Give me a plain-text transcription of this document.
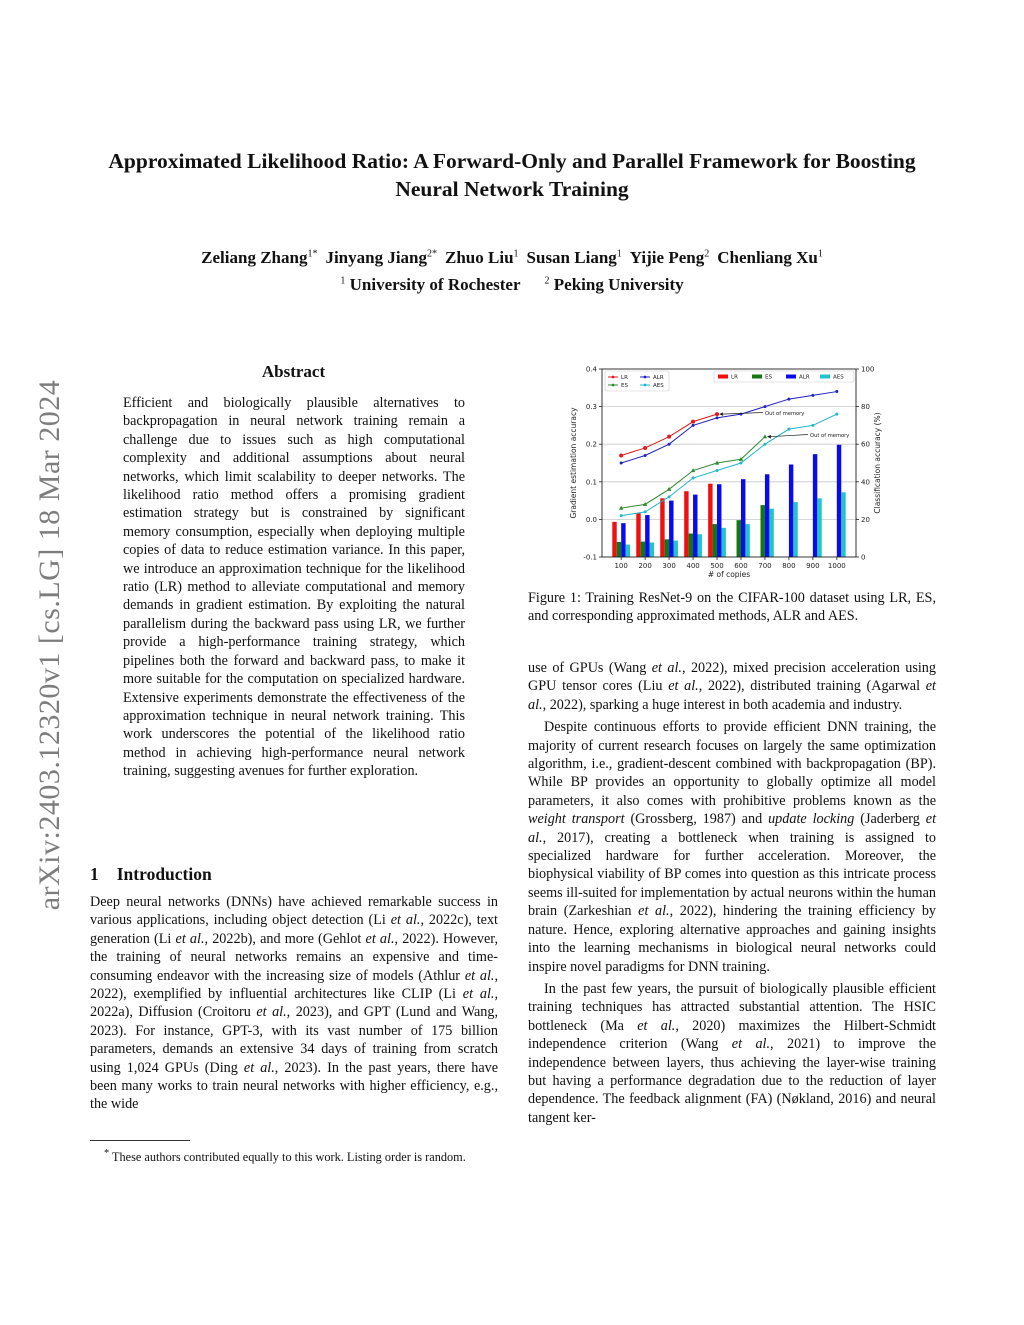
arXiv:2403.12320v1 [cs.LG] 18 Mar 2024
Approximated Likelihood Ratio: A Forward-Only and Parallel Framework for Boosting Neural Network Training
Zeliang Zhang$^{1*}$ Jinyang Jiang$^{2*}$ Zhuo Liu$^1$ Susan Liang$^1$ Yijie Peng$^2$ Chenliang Xu$^1$
$^1$ University of Rochester $^2$ Peking University
Abstract
Efficient and biologically plausible alternatives to backpropagation in neural network training remain a challenge due to issues such as high computational complexity and additional assumptions about neural networks, which limit scalability to deeper networks. The likelihood ratio method offers a promising gradient estimation strategy but is constrained by significant memory consumption, especially when deploying multiple copies of data to reduce estimation variance. In this paper, we introduce an approximation technique for the likelihood ratio (LR) method to alleviate computational and memory demands in gradient estimation. By exploiting the natural parallelism during the backward pass using LR, we further provide a high-performance training strategy, which pipelines both the forward and backward pass, to make it more suitable for the computation on specialized hardware. Extensive experiments demonstrate the effectiveness of the approximation technique in neural network training. This work underscores the potential of the likelihood ratio method in achieving high-performance neural network training, suggesting avenues for further exploration.
1 Introduction

Deep neural networks (DNNs) have achieved remarkable success in various applications, including object detection (Li et al., 2022c), text generation (Li et al., 2022b), and more (Gehlot et al., 2022). However, the training of neural networks remains an expensive and time-consuming endeavor with the increasing size of models (Athlur et al., 2022), exemplified by influential architectures like CLIP (Li et al., 2022a), Diffusion (Croitoru et al., 2023), and GPT (Lund and Wang, 2023). For instance, GPT-3, with its vast number of 175 billion parameters, demands an extensive 34 days of training from scratch using 1,024 GPUs (Ding et al., 2023). In the past years, there have been many works to train neural networks with higher efficiency, e.g., the wide

* These authors contributed equally to this work. Listing order is random.

-0.1
0.0
0.1
0.2
0.3
0.4
0
20
40
60
80
100
100 200 300 400 500 600 700 800 900 1000
# of copies
Gradient estimation accuracy	Classification accuracy (%)
Out of memory
Out of memory
LR
ES
ALR
AES
LR	ES	ALR	AES
Figure 1: Training ResNet-9 on the CIFAR-100 dataset using LR, ES, and corresponding approximated methods, ALR and AES.

use of GPUs (Wang et al., 2022), mixed precision acceleration using GPU tensor cores (Liu et al., 2022), distributed training (Agarwal et al., 2022), sparking a huge interest in both academia and industry.

Despite continuous efforts to provide efficient DNN training, the majority of current research focuses on largely the same optimization algorithm, i.e., gradient-descent combined with backpropagation (BP). While BP provides an opportunity to globally optimize all model parameters, it also comes with prohibitive problems known as the weight transport (Grossberg, 1987) and update locking (Jaderberg et al., 2017), creating a bottleneck when training is assigned to specialized hardware for further acceleration. Moreover, the biophysical viability of BP comes into question as this intricate process seems ill-suited for implementation by actual neurons within the human brain (Zarkeshian et al., 2022), hindering the training efficiency by nature. Hence, exploring alternative approaches and gaining insights into the learning mechanisms in biological neural networks could inspire novel paradigms for DNN training.

In the past few years, the pursuit of biologically plausible efficient training techniques has attracted substantial attention. The HSIC bottleneck (Ma et al., 2020) maximizes the Hilbert-Schmidt independence criterion (Wang et al., 2021) to improve the independence between layers, thus achieving the layer-wise training but having a performance degradation due to the reduction of layer dependence. The feedback alignment (FA) (Nøkland, 2016) and neural tangent ker-
